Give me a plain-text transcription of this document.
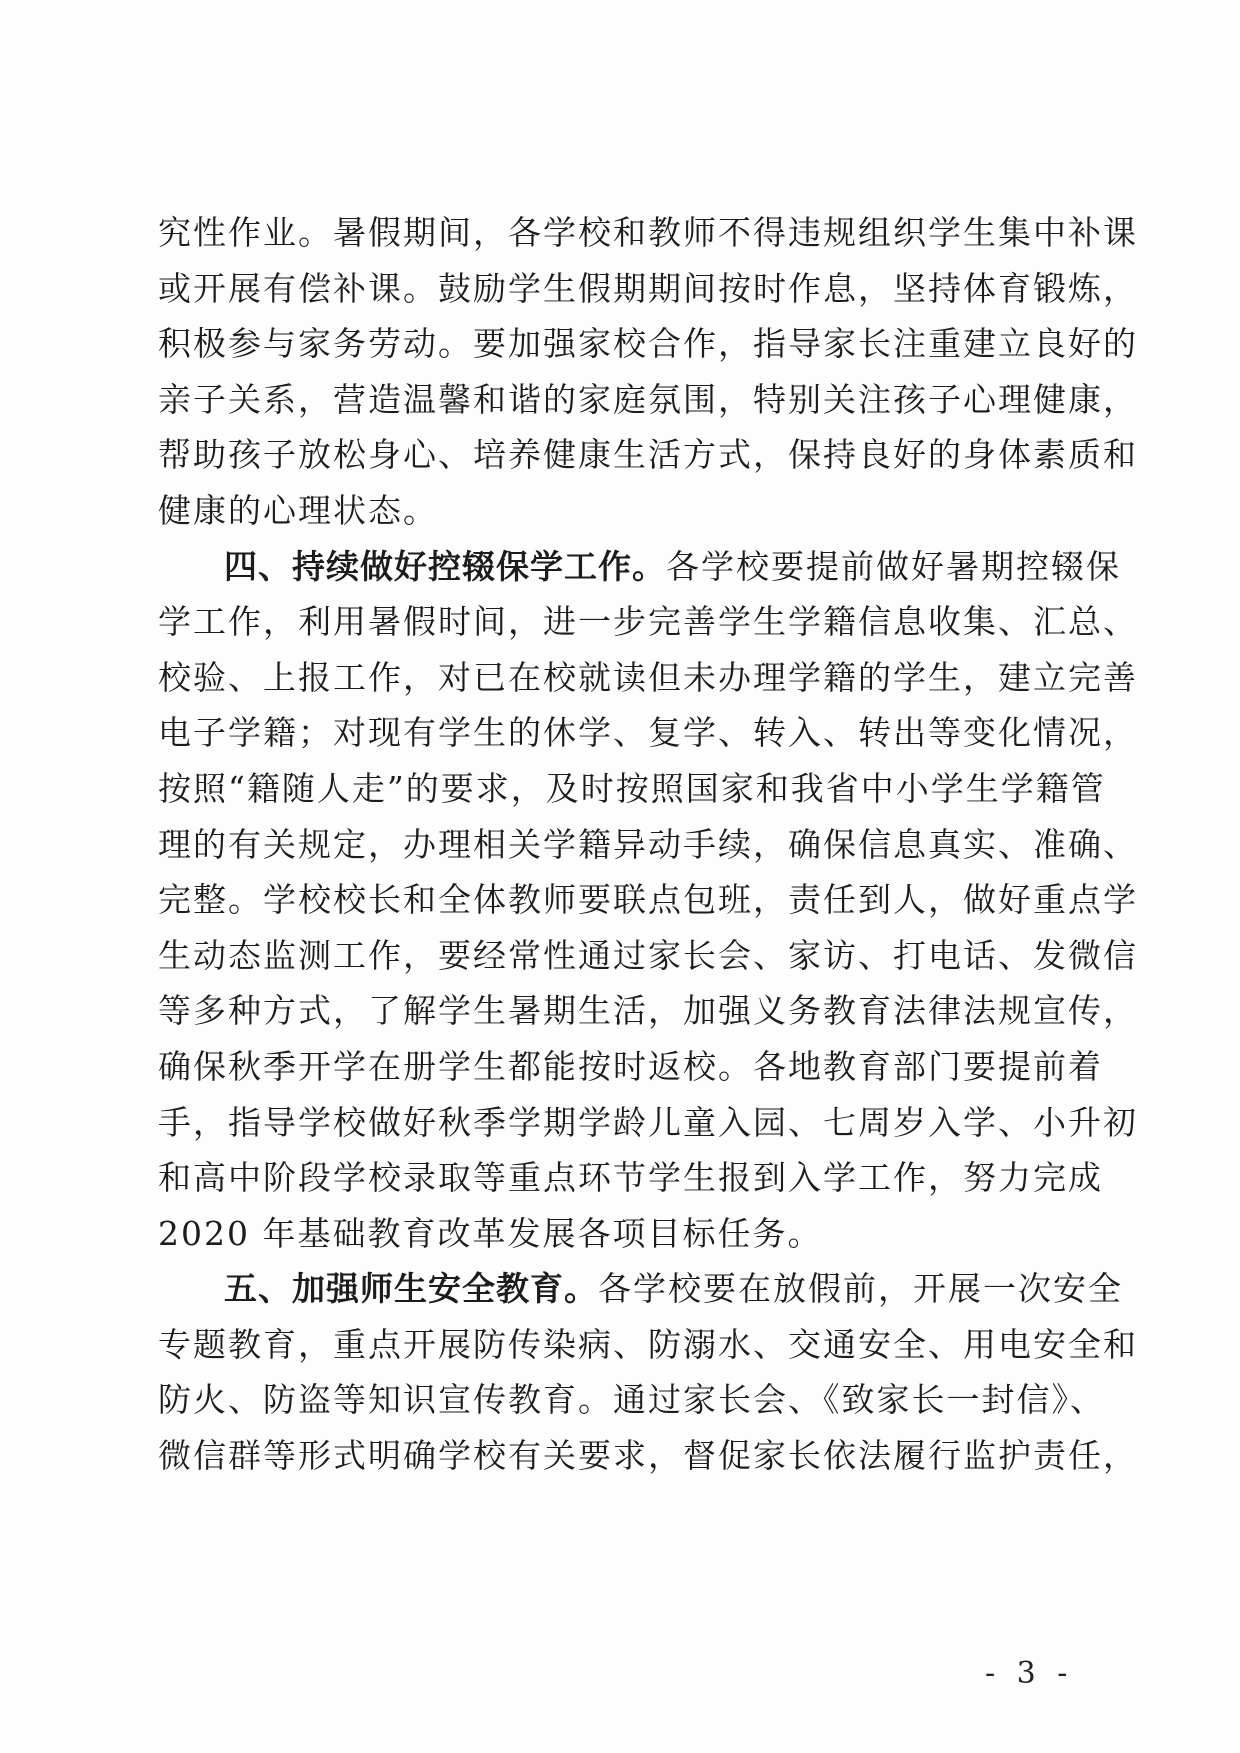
究性作业。暑假期间，各学校和教师不得违规组织学生集中补课
或开展有偿补课。鼓励学生假期期间按时作息，坚持体育锻炼，
积极参与家务劳动。要加强家校合作，指导家长注重建立良好的
亲子关系，营造温馨和谐的家庭氛围，特别关注孩子心理健康，
帮助孩子放松身心、培养健康生活方式，保持良好的身体素质和
健康的心理状态。
四、持续做好控辍保学工作。各学校要提前做好暑期控辍保
学工作，利用暑假时间，进一步完善学生学籍信息收集、汇总、
校验、上报工作，对已在校就读但未办理学籍的学生，建立完善
电子学籍；对现有学生的休学、复学、转入、转出等变化情况，
按照“籍随人走”的要求，及时按照国家和我省中小学生学籍管
理的有关规定，办理相关学籍异动手续，确保信息真实、准确、
完整。学校校长和全体教师要联点包班，责任到人，做好重点学
生动态监测工作，要经常性通过家长会、家访、打电话、发微信
等多种方式，了解学生暑期生活，加强义务教育法律法规宣传，
确保秋季开学在册学生都能按时返校。各地教育部门要提前着
手，指导学校做好秋季学期学龄儿童入园、七周岁入学、小升初
和高中阶段学校录取等重点环节学生报到入学工作，努力完成
2020 年基础教育改革发展各项目标任务。
五、加强师生安全教育。各学校要在放假前，开展一次安全
专题教育，重点开展防传染病、防溺水、交通安全、用电安全和
防火、防盗等知识宣传教育。通过家长会、《致家长一封信》、
微信群等形式明确学校有关要求，督促家长依法履行监护责任，
- 3 -
